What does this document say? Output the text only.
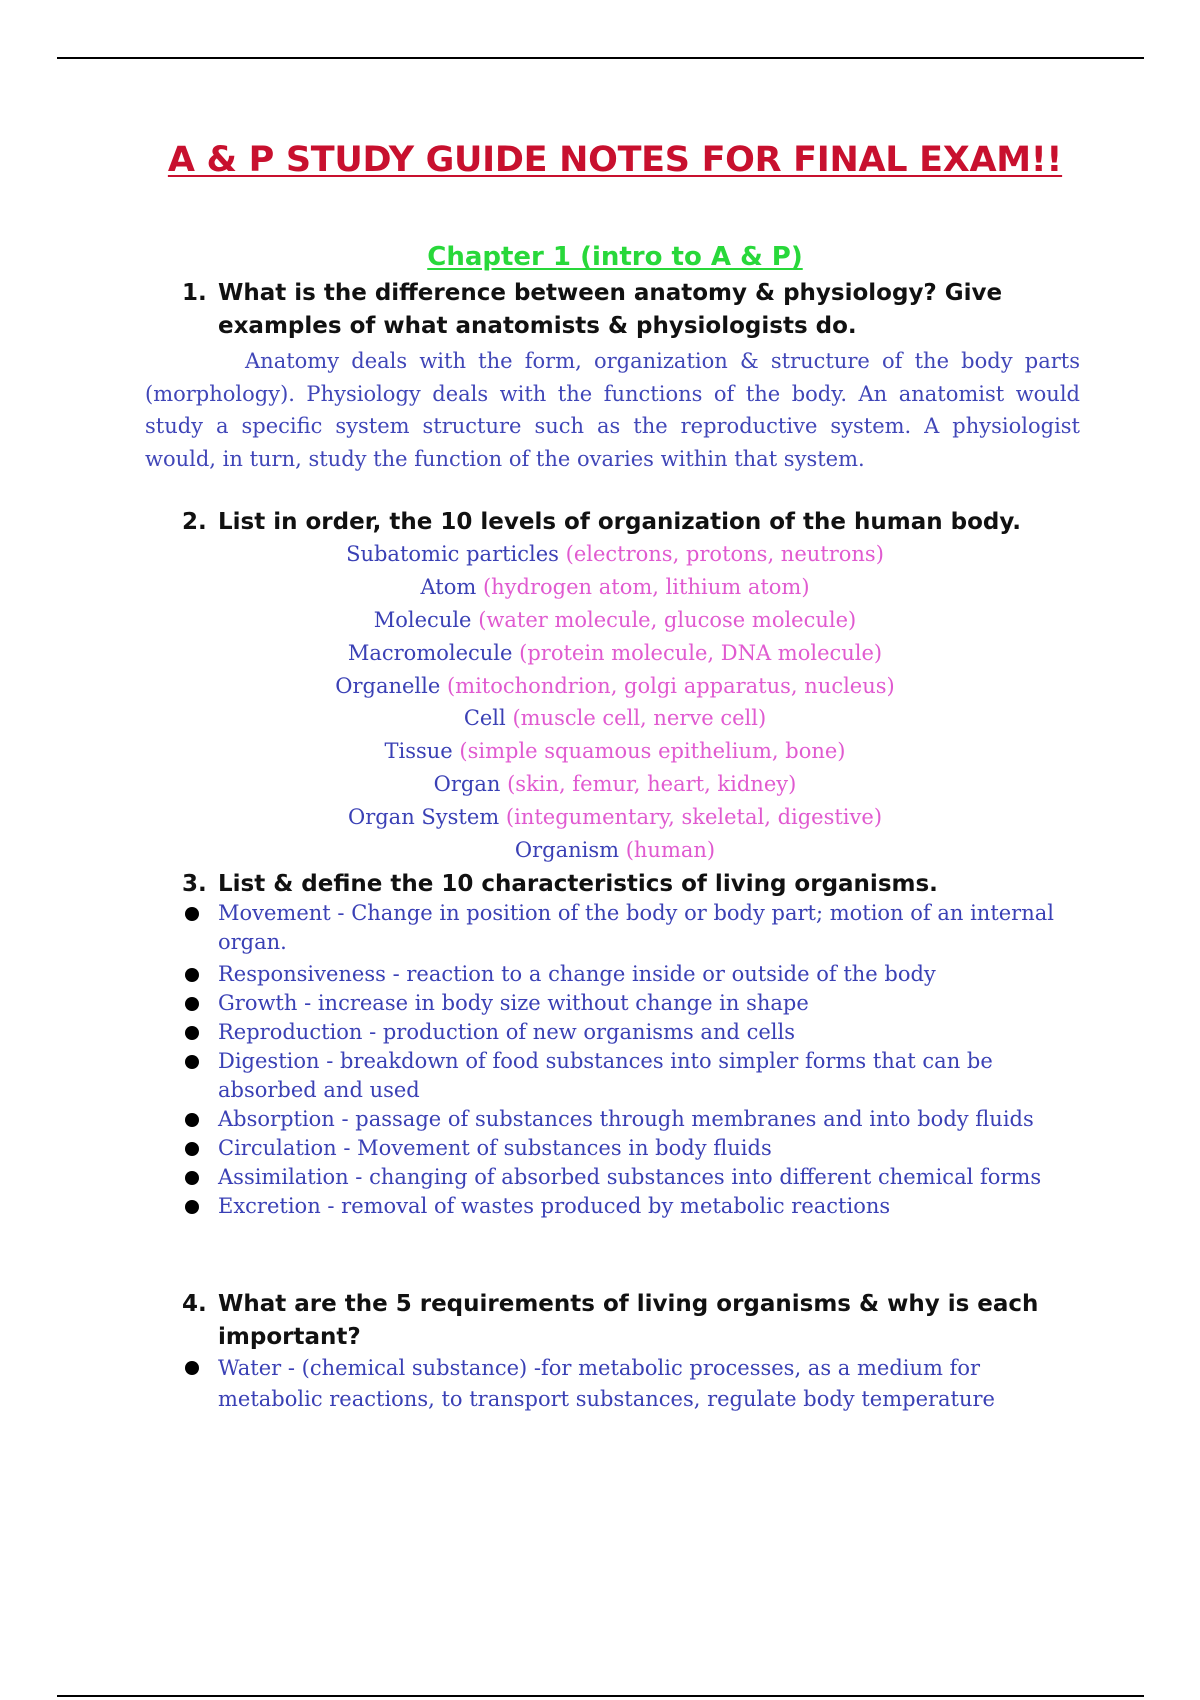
A & P STUDY GUIDE NOTES FOR FINAL EXAM!!
Chapter 1 (intro to A & P)
1. What is the difference between anatomy & physiology? Give examples of what anatomists & physiologists do.
Anatomy deals with the form, organization & structure of the body parts (morphology). Physiology deals with the functions of the body. An anatomist would study a specific system structure such as the reproductive system. A physiologist would, in turn, study the function of the ovaries within that system.
2. List in order, the 10 levels of organization of the human body.
Subatomic particles (electrons, protons, neutrons)
Atom (hydrogen atom, lithium atom)
Molecule (water molecule, glucose molecule)
Macromolecule (protein molecule, DNA molecule)
Organelle (mitochondrion, golgi apparatus, nucleus)
Cell (muscle cell, nerve cell)
Tissue (simple squamous epithelium, bone)
Organ (skin, femur, heart, kidney)
Organ System (integumentary, skeletal, digestive)
Organism (human)
3. List & define the 10 characteristics of living organisms.
Movement - Change in position of the body or body part; motion of an internal organ.
Responsiveness - reaction to a change inside or outside of the body
Growth - increase in body size without change in shape
Reproduction - production of new organisms and cells
Digestion - breakdown of food substances into simpler forms that can be absorbed and used
Absorption - passage of substances through membranes and into body fluids
Circulation - Movement of substances in body fluids
Assimilation - changing of absorbed substances into different chemical forms
Excretion - removal of wastes produced by metabolic reactions
4. What are the 5 requirements of living organisms & why is each important?
Water - (chemical substance) -for metabolic processes, as a medium for metabolic reactions, to transport substances, regulate body temperature
